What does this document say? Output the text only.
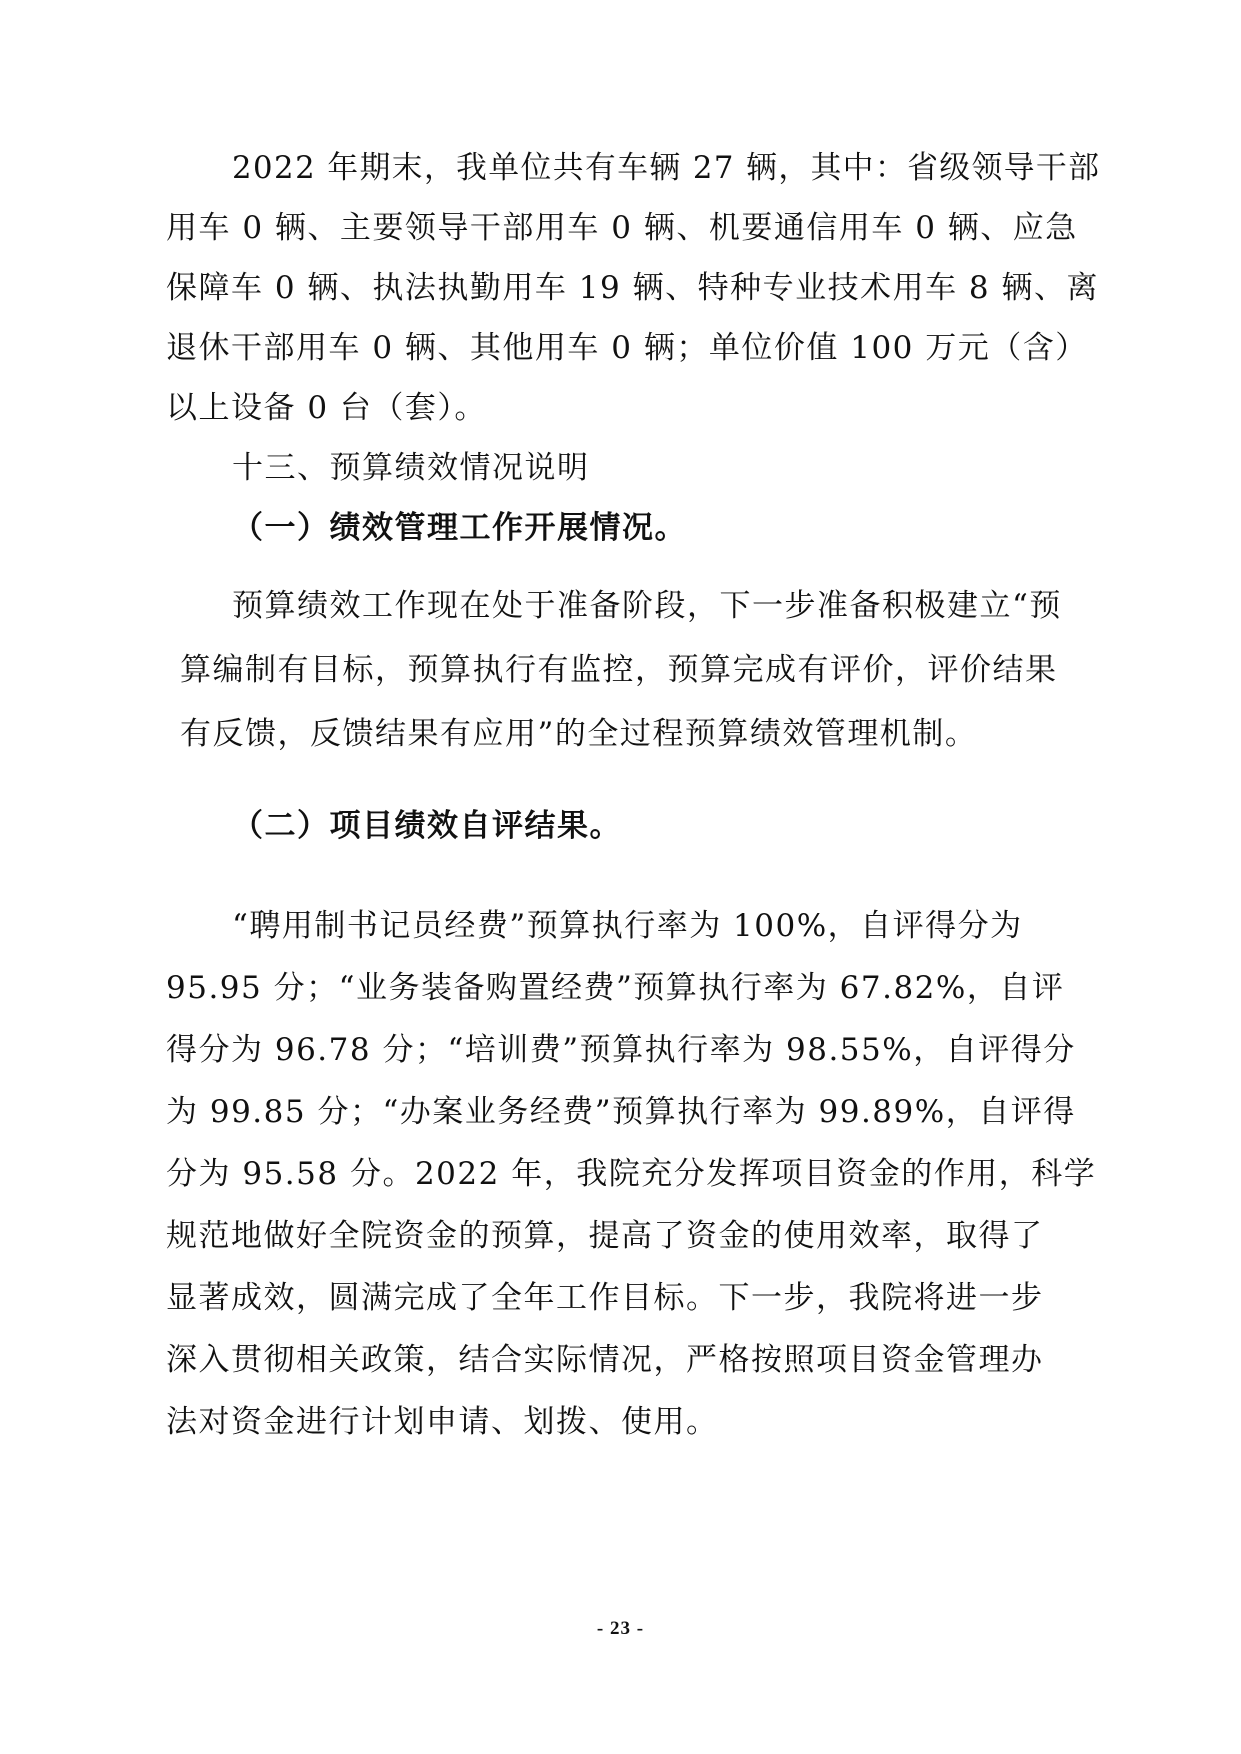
2022 年期末，我单位共有车辆 27 辆，其中：省级领导干部
用车 0 辆、主要领导干部用车 0 辆、机要通信用车 0 辆、应急
保障车 0 辆、执法执勤用车 19 辆、特种专业技术用车 8 辆、离
退休干部用车 0 辆、其他用车 0 辆；单位价值 100 万元（含）
以上设备 0 台（套）。
十三、预算绩效情况说明
（一）绩效管理工作开展情况。
预算绩效工作现在处于准备阶段，下一步准备积极建立“预
算编制有目标，预算执行有监控，预算完成有评价，评价结果
有反馈，反馈结果有应用”的全过程预算绩效管理机制。
（二）项目绩效自评结果。
“聘用制书记员经费”预算执行率为 100%，自评得分为
95.95 分；“业务装备购置经费”预算执行率为 67.82%，自评
得分为 96.78 分；“培训费”预算执行率为 98.55%，自评得分
为 99.85 分；“办案业务经费”预算执行率为 99.89%，自评得
分为 95.58 分。2022 年，我院充分发挥项目资金的作用，科学
规范地做好全院资金的预算，提高了资金的使用效率，取得了
显著成效，圆满完成了全年工作目标。下一步，我院将进一步
深入贯彻相关政策，结合实际情况，严格按照项目资金管理办
法对资金进行计划申请、划拨、使用。
- 23 -
